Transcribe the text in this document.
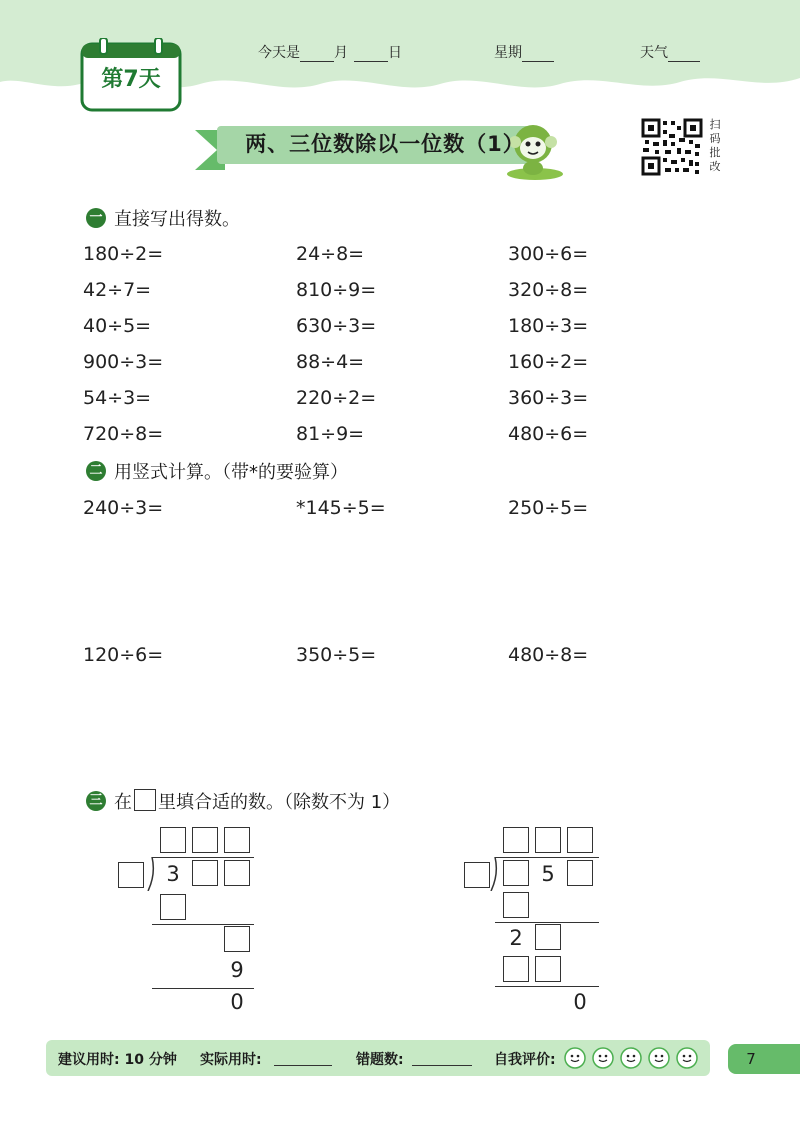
第7天
今天是 月	日	星期	天气
两、三位数除以一位数（1）
扫码批改
一 直接写出得数。
180÷2=	24÷8=	300÷6=
42÷7=	810÷9=	320÷8=
40÷5=	630÷3=	180÷3=
900÷3=	88÷4=	160÷2=
54÷3=	220÷2=	360÷3=
720÷8=	81÷9=	480÷6=
二 用竖式计算。（带*的要验算）
240÷3=	*145÷5=	250÷5=
120÷6=	350÷5=	480÷8=
三 在 里填合适的数。（除数不为 1）
3
9
0
5
2
0
建议用时: 10 分钟 实际用时:	错题数:	自我评价:	7
